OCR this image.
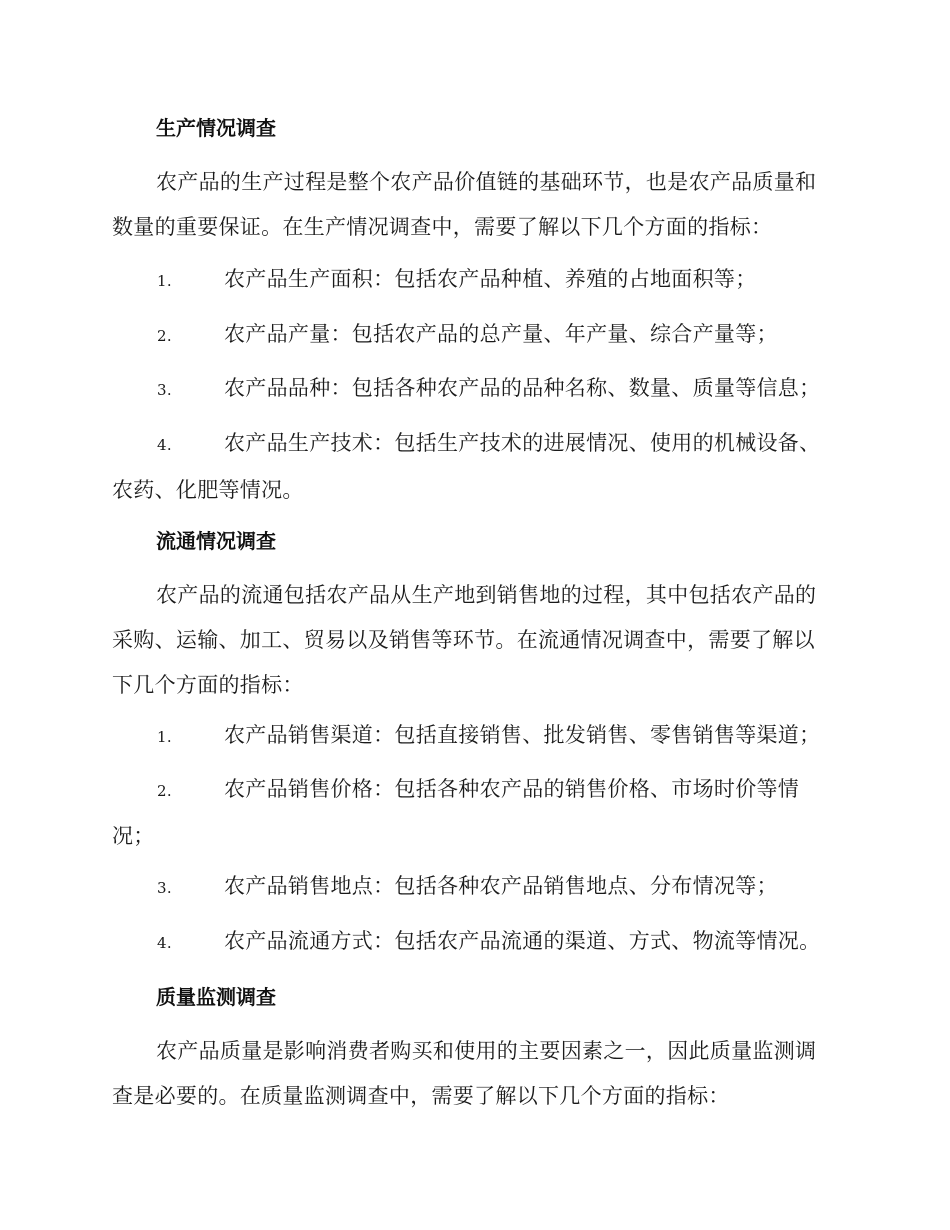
生产情况调查
农产品的生产过程是整个农产品价值链的基础环节，也是农产品质量和数量的重要保证。在生产情况调查中，需要了解以下几个方面的指标：
1. 农产品生产面积：包括农产品种植、养殖的占地面积等；
2. 农产品产量：包括农产品的总产量、年产量、综合产量等；
3. 农产品品种：包括各种农产品的品种名称、数量、质量等信息；
4. 农产品生产技术：包括生产技术的进展情况、使用的机械设备、农药、化肥等情况。
流通情况调查
农产品的流通包括农产品从生产地到销售地的过程，其中包括农产品的采购、运输、加工、贸易以及销售等环节。在流通情况调查中，需要了解以下几个方面的指标：
1. 农产品销售渠道：包括直接销售、批发销售、零售销售等渠道；
2. 农产品销售价格：包括各种农产品的销售价格、市场时价等情况；
3. 农产品销售地点：包括各种农产品销售地点、分布情况等；
4. 农产品流通方式：包括农产品流通的渠道、方式、物流等情况。
质量监测调查
农产品质量是影响消费者购买和使用的主要因素之一，因此质量监测调查是必要的。在质量监测调查中，需要了解以下几个方面的指标：
